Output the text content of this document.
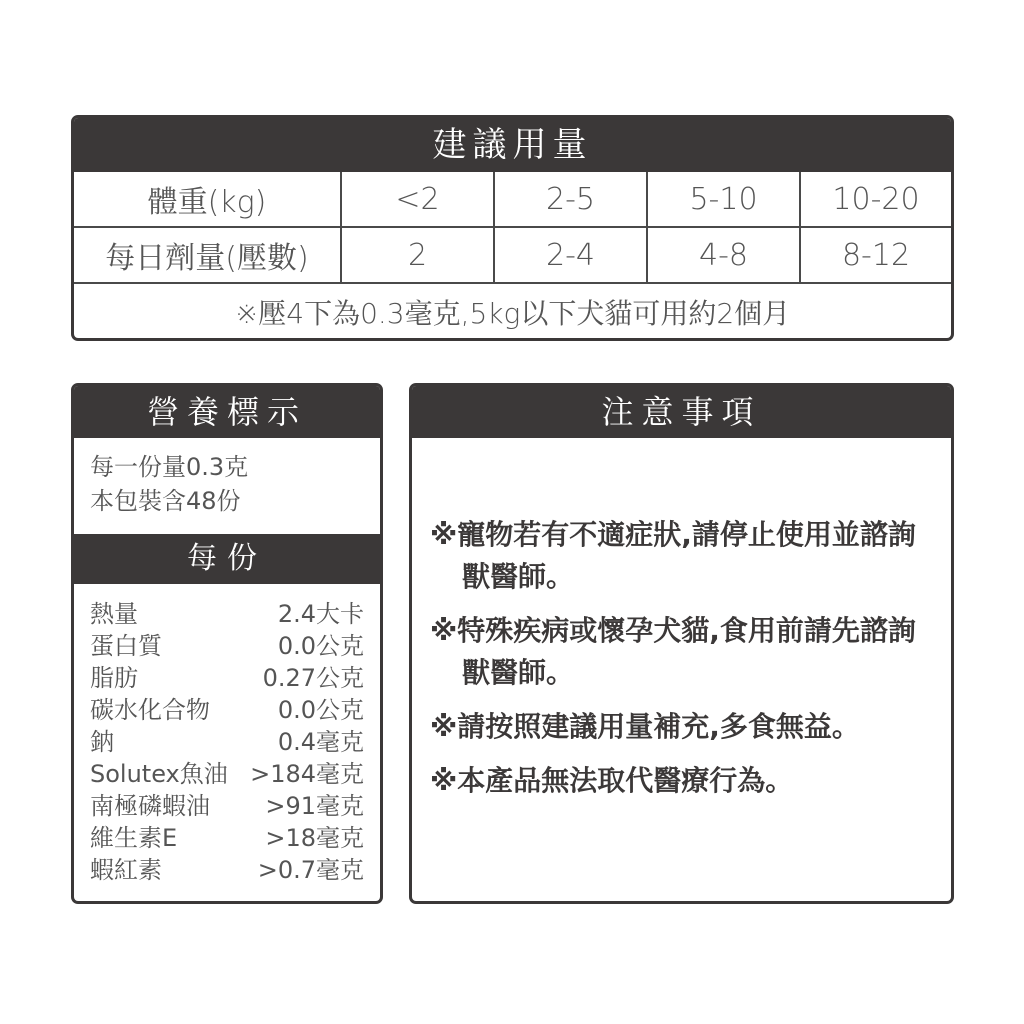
建議用量
體重(kg)	<2	2-5	5-10	10-20
每日劑量(壓數)	2	2-4	4-8	8-12
※壓4下為0.3毫克,5kg以下犬貓可用約2個月
營養標示
每一份量0.3克
本包裝含48份
每份
熱量	2.4大卡
蛋白質	0.0公克
脂肪	0.27公克
碳水化合物	0.0公克
鈉	0.4毫克
Solutex魚油 >184毫克
南極磷蝦油 >91毫克
維生素E	>18毫克
蝦紅素	>0.7毫克
注意事項
※寵物若有不適症狀,請停止使用並諮詢獸醫師。
※特殊疾病或懷孕犬貓,食用前請先諮詢獸醫師。
※請按照建議用量補充,多食無益。
※本產品無法取代醫療行為。
